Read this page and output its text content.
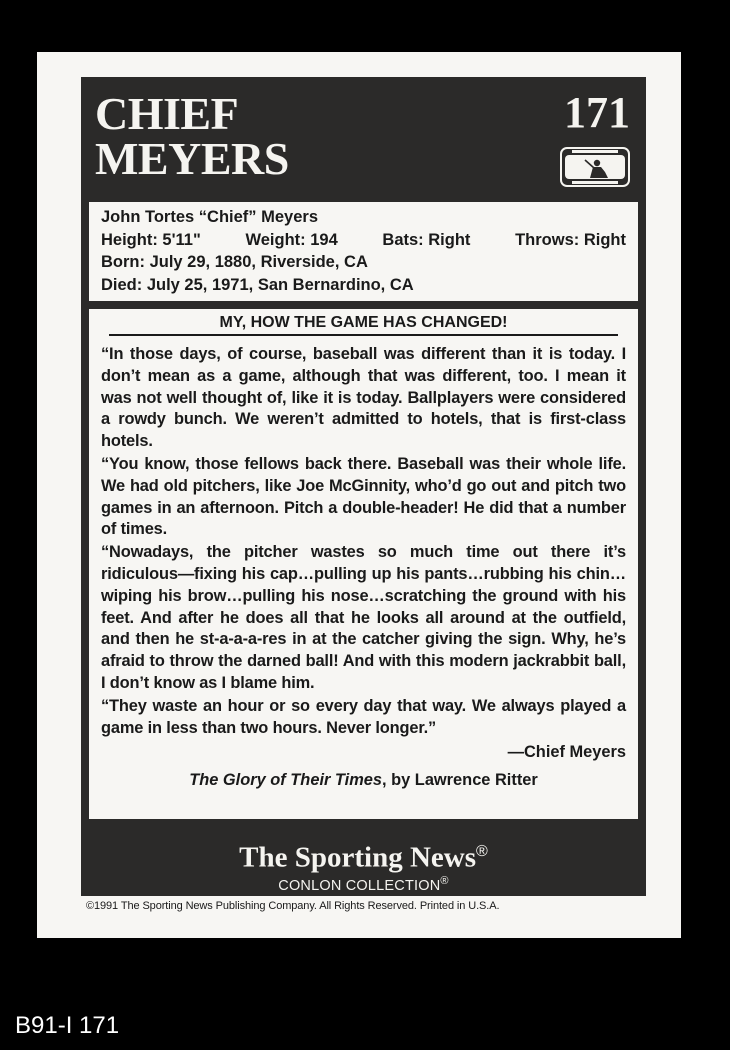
CHIEF
MEYERS
171
John Tortes “Chief” Meyers
Height: 5'11"	Weight: 194	Bats: Right	Throws: Right
Born: July 29, 1880, Riverside, CA
Died: July 25, 1971, San Bernardino, CA
MY, HOW THE GAME HAS CHANGED!

“In those days, of course, baseball was different than it is today. I don’t mean as a game, although that was different, too. I mean it was not well thought of, like it is today. Ballplayers were considered a rowdy bunch. We weren’t admitted to hotels, that is first-class hotels.

“You know, those fellows back there. Baseball was their whole life. We had old pitchers, like Joe McGinnity, who’d go out and pitch two games in an afternoon. Pitch a double-header! He did that a number of times.

“Nowadays, the pitcher wastes so much time out there it’s ridiculous—fixing his cap…pulling up his pants…rubbing his chin…wiping his brow…pulling his nose…scratching the ground with his feet. And after he does all that he looks all around at the outfield, and then he st-a-a-a-res in at the catcher giving the sign. Why, he’s afraid to throw the darned ball! And with this modern jackrabbit ball, I don’t know as I blame him.

“They waste an hour or so every day that way. We always played a game in less than two hours. Never longer.”

—Chief Meyers
The Glory of Their Times, by Lawrence Ritter
The Sporting News®
CONLON COLLECTION®
©1991 The Sporting News Publishing Company. All Rights Reserved. Printed in U.S.A.
B91-I 171
